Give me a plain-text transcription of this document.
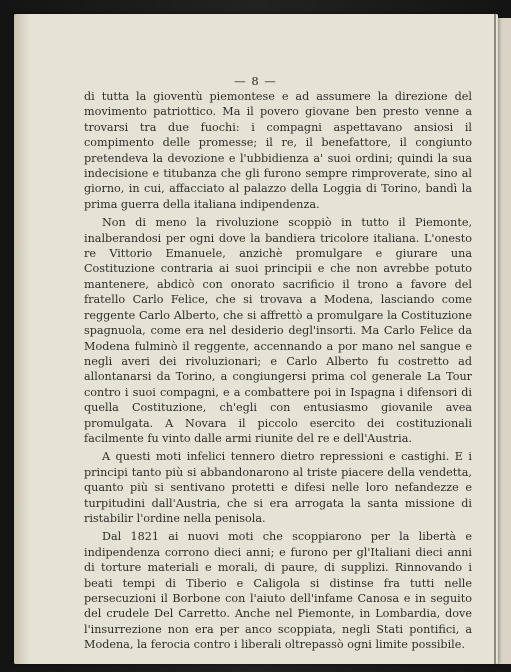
— 8 —

di tutta la gioventù piemontese e ad assumere la direzione del movimento patriottico. Ma il povero giovane ben presto venne a trovarsi tra due fuochi: i compagni aspettavano ansiosi il compimento delle promesse; il re, il benefattore, il congiunto pretendeva la devozione e l'ubbidienza a' suoi ordini; quindi la sua indecisione e titubanza che gli furono sempre rimproverate, sino al giorno, in cui, affacciato al palazzo della Loggia di Torino, bandì la prima guerra della italiana indipendenza.

Non di meno la rivoluzione scoppiò in tutto il Piemonte, inalberandosi per ogni dove la bandiera tricolore italiana. L'onesto re Vittorio Emanuele, anzichè promulgare e giurare una Costituzione contraria ai suoi principii e che non avrebbe potuto mantenere, abdicò con onorato sacrificio il trono a favore del fratello Carlo Felice, che si trovava a Modena, lasciando come reggente Carlo Alberto, che si affrettò a promulgare la Costituzione spagnuola, come era nel desiderio degl'insorti. Ma Carlo Felice da Modena fulminò il reggente, accennando a por mano nel sangue e negli averi dei rivoluzionari; e Carlo Alberto fu costretto ad allontanarsi da Torino, a congiungersi prima col generale La Tour contro i suoi compagni, e a combattere poi in Ispagna i difensori di quella Costituzione, ch'egli con entusiasmo giovanile avea promulgata. A Novara il piccolo esercito dei costituzionali facilmente fu vinto dalle armi riunite del re e dell'Austria.

A questi moti infelici tennero dietro repressioni e castighi. E i principi tanto più si abbandonarono al triste piacere della vendetta, quanto più si sentivano protetti e difesi nelle loro nefandezze e turpitudini dall'Austria, che si era arrogata la santa missione di ristabilir l'ordine nella penisola.

Dal 1821 ai nuovi moti che scoppiarono per la libertà e indipendenza corrono dieci anni; e furono per gl'Italiani dieci anni di torture materiali e morali, di paure, di supplizi. Rinnovando i beati tempi di Tiberio e Caligola si distinse fra tutti nelle persecuzioni il Borbone con l'aiuto dell'infame Canosa e in seguito del crudele Del Carretto. Anche nel Piemonte, in Lombardia, dove l'insurrezione non era per anco scoppiata, negli Stati pontifici, a Modena, la ferocia contro i liberali oltrepassò ogni limite possibile.
